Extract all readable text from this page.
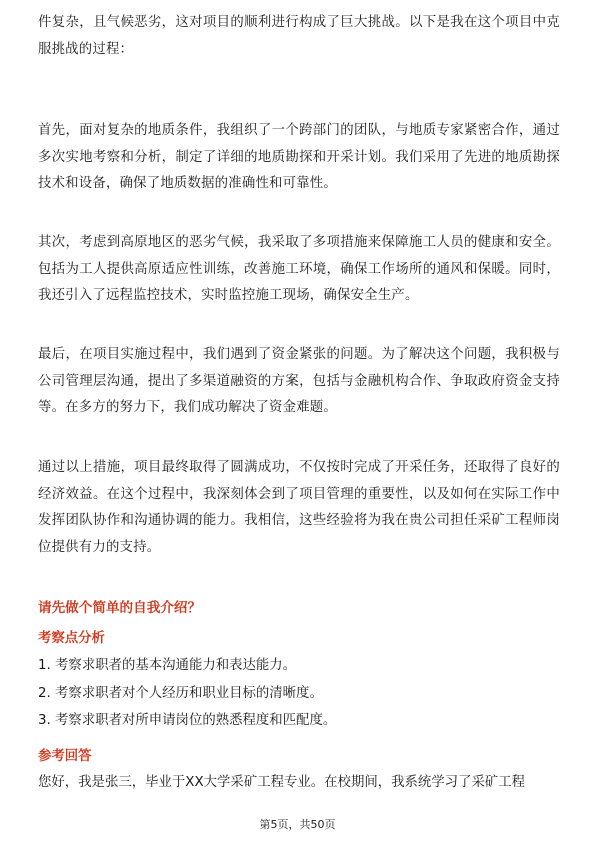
件复杂，且气候恶劣，这对项目的顺利进行构成了巨大挑战。以下是我在这个项目中克服挑战的过程：

首先，面对复杂的地质条件，我组织了一个跨部门的团队，与地质专家紧密合作，通过多次实地考察和分析，制定了详细的地质勘探和开采计划。我们采用了先进的地质勘探技术和设备，确保了地质数据的准确性和可靠性。

其次，考虑到高原地区的恶劣气候，我采取了多项措施来保障施工人员的健康和安全。包括为工人提供高原适应性训练，改善施工环境，确保工作场所的通风和保暖。同时，我还引入了远程监控技术，实时监控施工现场，确保安全生产。

最后，在项目实施过程中，我们遇到了资金紧张的问题。为了解决这个问题，我积极与公司管理层沟通，提出了多渠道融资的方案，包括与金融机构合作、争取政府资金支持等。在多方的努力下，我们成功解决了资金难题。

通过以上措施，项目最终取得了圆满成功，不仅按时完成了开采任务，还取得了良好的经济效益。在这个过程中，我深刻体会到了项目管理的重要性，以及如何在实际工作中发挥团队协作和沟通协调的能力。我相信，这些经验将为我在贵公司担任采矿工程师岗位提供有力的支持。

请先做个简单的自我介绍？

考察点分析

1. 考察求职者的基本沟通能力和表达能力。

2. 考察求职者对个人经历和职业目标的清晰度。

3. 考察求职者对所申请岗位的熟悉程度和匹配度。

参考回答

您好，我是张三，毕业于XX大学采矿工程专业。在校期间，我系统学习了采矿工程

第5页，共50页
